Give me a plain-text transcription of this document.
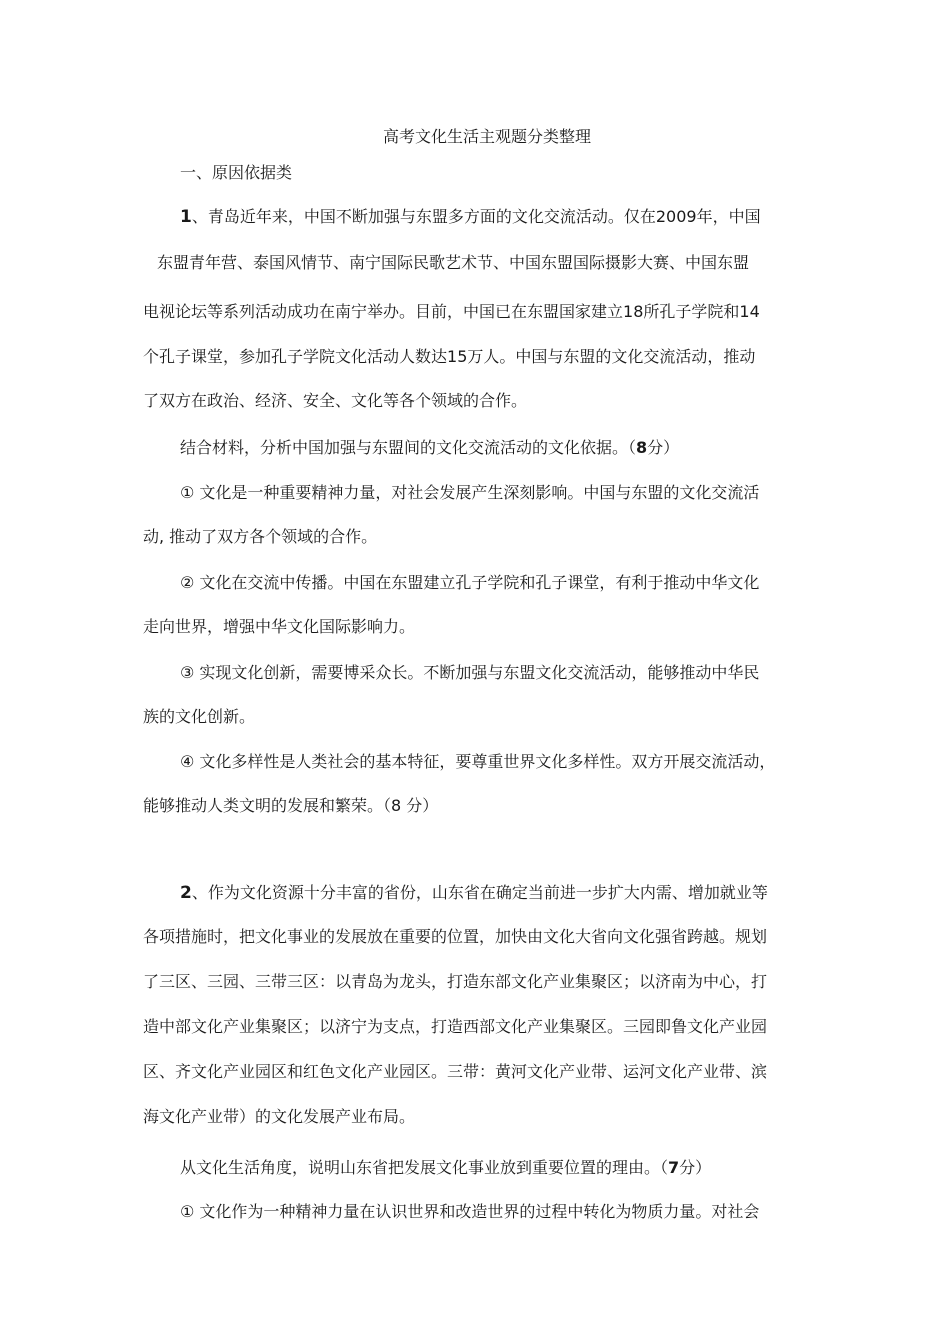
高考文化生活主观题分类整理
一、原因依据类
1、青岛近年来，中国不断加强与东盟多方面的文化交流活动。仅在2009年，中国
东盟青年营、泰国风情节、南宁国际民歌艺术节、中国东盟国际摄影大赛、中国东盟
电视论坛等系列活动成功在南宁举办。目前，中国已在东盟国家建立18所孔子学院和14
个孔子课堂，参加孔子学院文化活动人数达15万人。中国与东盟的文化交流活动，推动
了双方在政治、经济、安全、文化等各个领域的合作。
结合材料，分析中国加强与东盟间的文化交流活动的文化依据。（8分）
① 文化是一种重要精神力量，对社会发展产生深刻影响。中国与东盟的文化交流活
动, 推动了双方各个领域的合作。
② 文化在交流中传播。中国在东盟建立孔子学院和孔子课堂，有利于推动中华文化
走向世界，增强中华文化国际影响力。
③ 实现文化创新，需要博采众长。不断加强与东盟文化交流活动，能够推动中华民
族的文化创新。
④ 文化多样性是人类社会的基本特征，要尊重世界文化多样性。双方开展交流活动，
能够推动人类文明的发展和繁荣。（8 分）
2、作为文化资源十分丰富的省份，山东省在确定当前进一步扩大内需、增加就业等
各项措施时，把文化事业的发展放在重要的位置，加快由文化大省向文化强省跨越。规划
了三区、三园、三带三区：以青岛为龙头，打造东部文化产业集聚区；以济南为中心，打
造中部文化产业集聚区；以济宁为支点，打造西部文化产业集聚区。三园即鲁文化产业园
区、齐文化产业园区和红色文化产业园区。三带：黄河文化产业带、运河文化产业带、滨
海文化产业带）的文化发展产业布局。
从文化生活角度，说明山东省把发展文化事业放到重要位置的理由。（7分）
① 文化作为一种精神力量在认识世界和改造世界的过程中转化为物质力量。对社会
